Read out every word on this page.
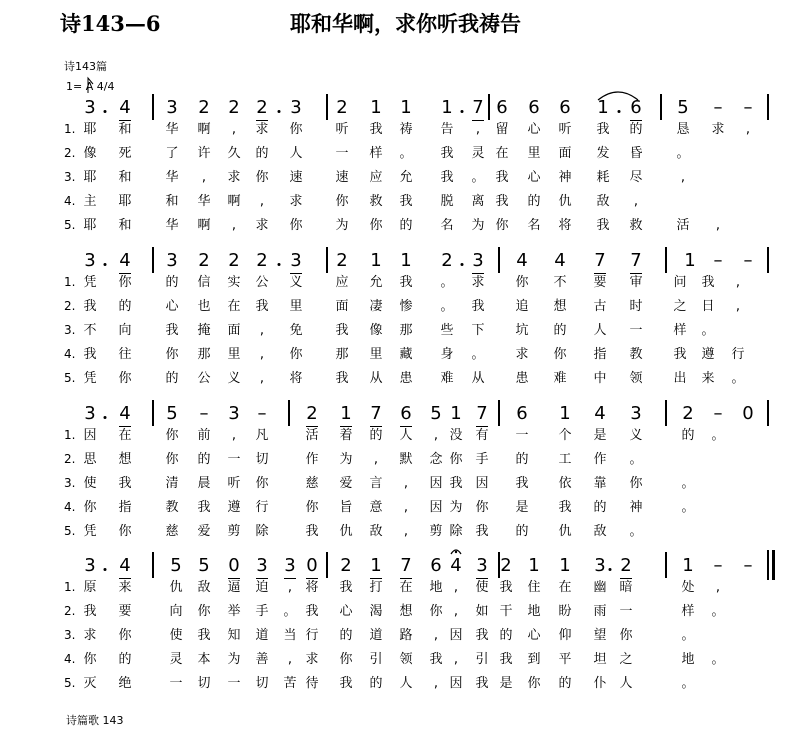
诗143—6	耶和华啊，求你听我祷告
诗143篇
1= A 4/4
诗篇歌 143
3 4 3 2 2 2 3 2 1 1 1 7 6 6 6 1 6 5 – –
1. 耶 和	华 啊 , 求 你	听 我 祷 告 , 留 心 听 我 的	恳 求 ,
2. 像 死	了 许 久 的 人	一 样 。 我 灵 在 里 面 发 昏	。
3. 耶 和	华 , 求 你 速	速 应 允 我 。 我 心 神 耗 尽	,
4. 主 耶	和 华 啊 , 求	你 救 我 脱 离 我 的 仇 敌 ,
5. 耶 和	华 啊 , 求 你	为 你 的 名 为 你 名 将 我 救	活 ,
3 4 3 2 2 2 3 2 1 1 2 3 4 4 7 7 1 – –
1. 凭 你	的 信 实 公 义	应 允 我 。 求 你 不 要 审 问 我 ,
2. 我 的	心 也 在 我 里	面 凄 惨 。 我 追 想 古 时 之 日 ,
3. 不 向	我 掩 面 , 免	我 像 那 些 下 坑 的 人 一 样 。
4. 我 往	你 那 里 , 你	那 里 藏 身 。 求 你 指 教 我 遵 行
5. 凭 你	的 公 义 , 将	我 从 患 难 从 患 难 中 领 出 来 。
3 4 5 – 3 – 2 1 7 6 5 1 7 6 1 4 3 2 – 0
1. 因 在	你 前 , 凡	活 着 的 人 , 没 有 一 个 是 义	的 。
2. 思 想	你 的 一 切	作 为 , 默 念 你 手 的 工 作 。
3. 使 我	清 晨 听 你	慈 爱 言 , 因 我 因 我 依 靠 你	。
4. 你 指	教 我 遵 行	你 旨 意 , 因 为 你 是 我 的 神	。
5. 凭 你	慈 爱 剪 除	我 仇 敌 , 剪 除 我 的 仇 敌 。
3 4 5 5 0 3 3 0 2 1 7 6 4 3 2 1 1 3 2	1 – –
1. 原 来	仇 敌 逼 迫 , 将 我 打 在 地 , 使 我 住 在 幽 暗	处 ,
2. 我 要	向 你 举 手 。 我 心 渴 想 你 , 如 干 地 盼 雨 一	样 。
3. 求 你	使 我 知 道 当 行 的 道 路 , 因 我 的 心 仰 望 你	。
4. 你 的	灵 本 为 善 , 求 你 引 领 我 , 引 我 到 平 坦 之	地 。
5. 灭 绝	一 切 一 切 苦 待 我 的 人 , 因 我 是 你 的 仆 人	。
